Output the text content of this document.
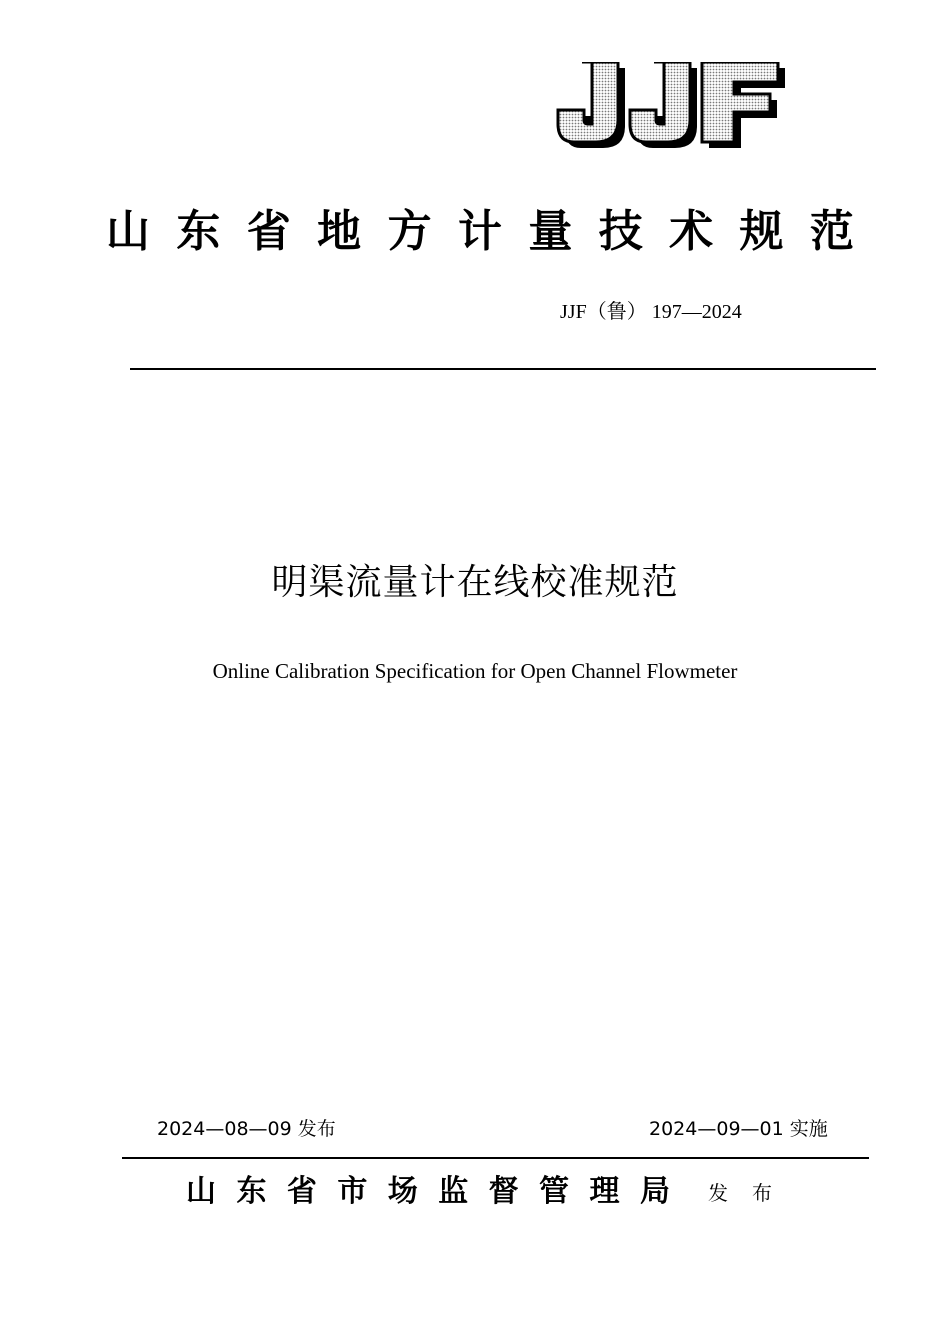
山 东 省 地 方 计 量 技 术 规 范
JJF（鲁） 197—2024
明渠流量计在线校准规范
Online Calibration Specification for Open Channel Flowmeter
2024—08—09 发布	2024—09—01 实施
山 东 省 市 场 监 督 管 理 局 发 布
